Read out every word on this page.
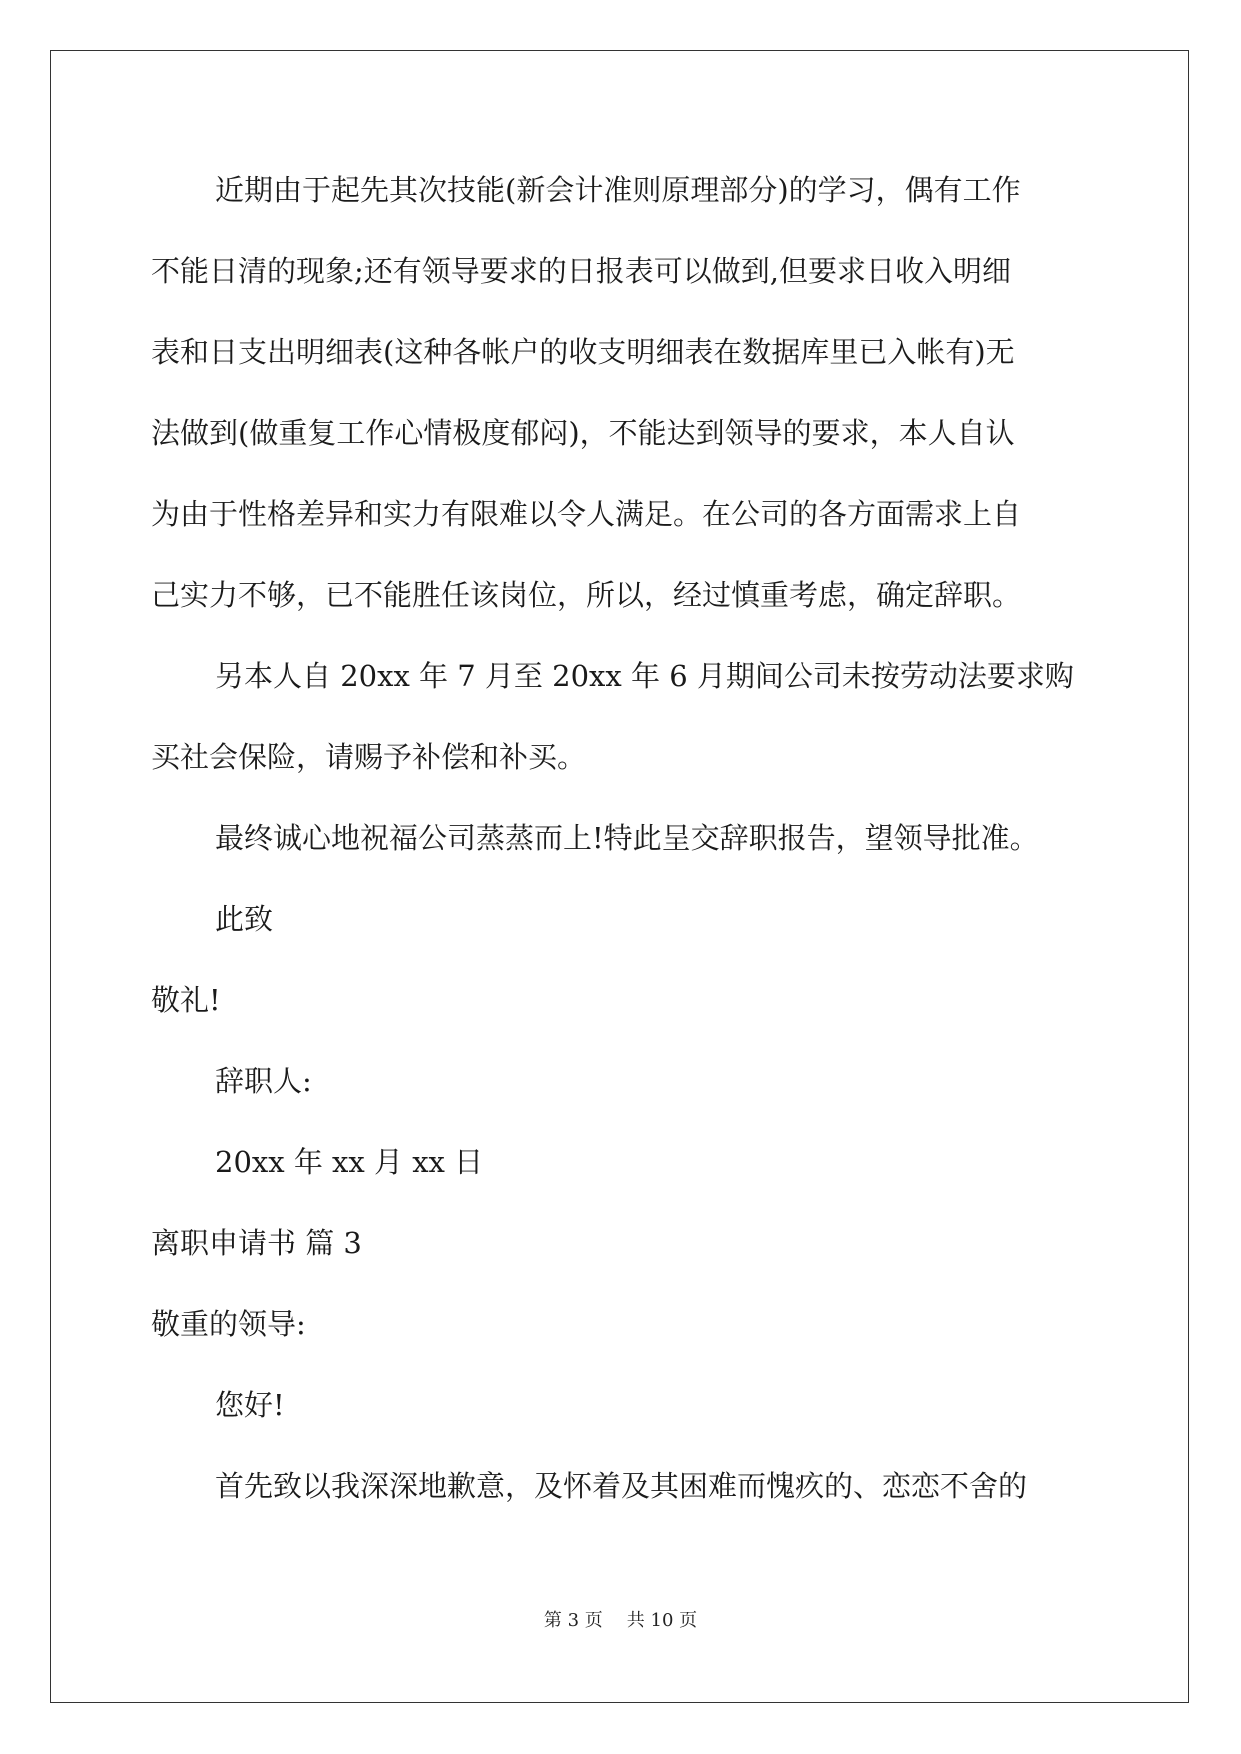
近期由于起先其次技能(新会计准则原理部分)的学习，偶有工作
不能日清的现象;还有领导要求的日报表可以做到,但要求日收入明细
表和日支出明细表(这种各帐户的收支明细表在数据库里已入帐有)无
法做到(做重复工作心情极度郁闷)，不能达到领导的要求，本人自认
为由于性格差异和实力有限难以令人满足。在公司的各方面需求上自
己实力不够，已不能胜任该岗位，所以，经过慎重考虑，确定辞职。
另本人自 20xx 年 7 月至 20xx 年 6 月期间公司未按劳动法要求购
买社会保险，请赐予补偿和补买。
最终诚心地祝福公司蒸蒸而上!特此呈交辞职报告，望领导批准。
此致
敬礼!
辞职人:
20xx 年 xx 月 xx 日
离职申请书 篇 3
敬重的领导:
您好!
首先致以我深深地歉意，及怀着及其困难而愧疚的、恋恋不舍的
第 3 页 共 10 页
